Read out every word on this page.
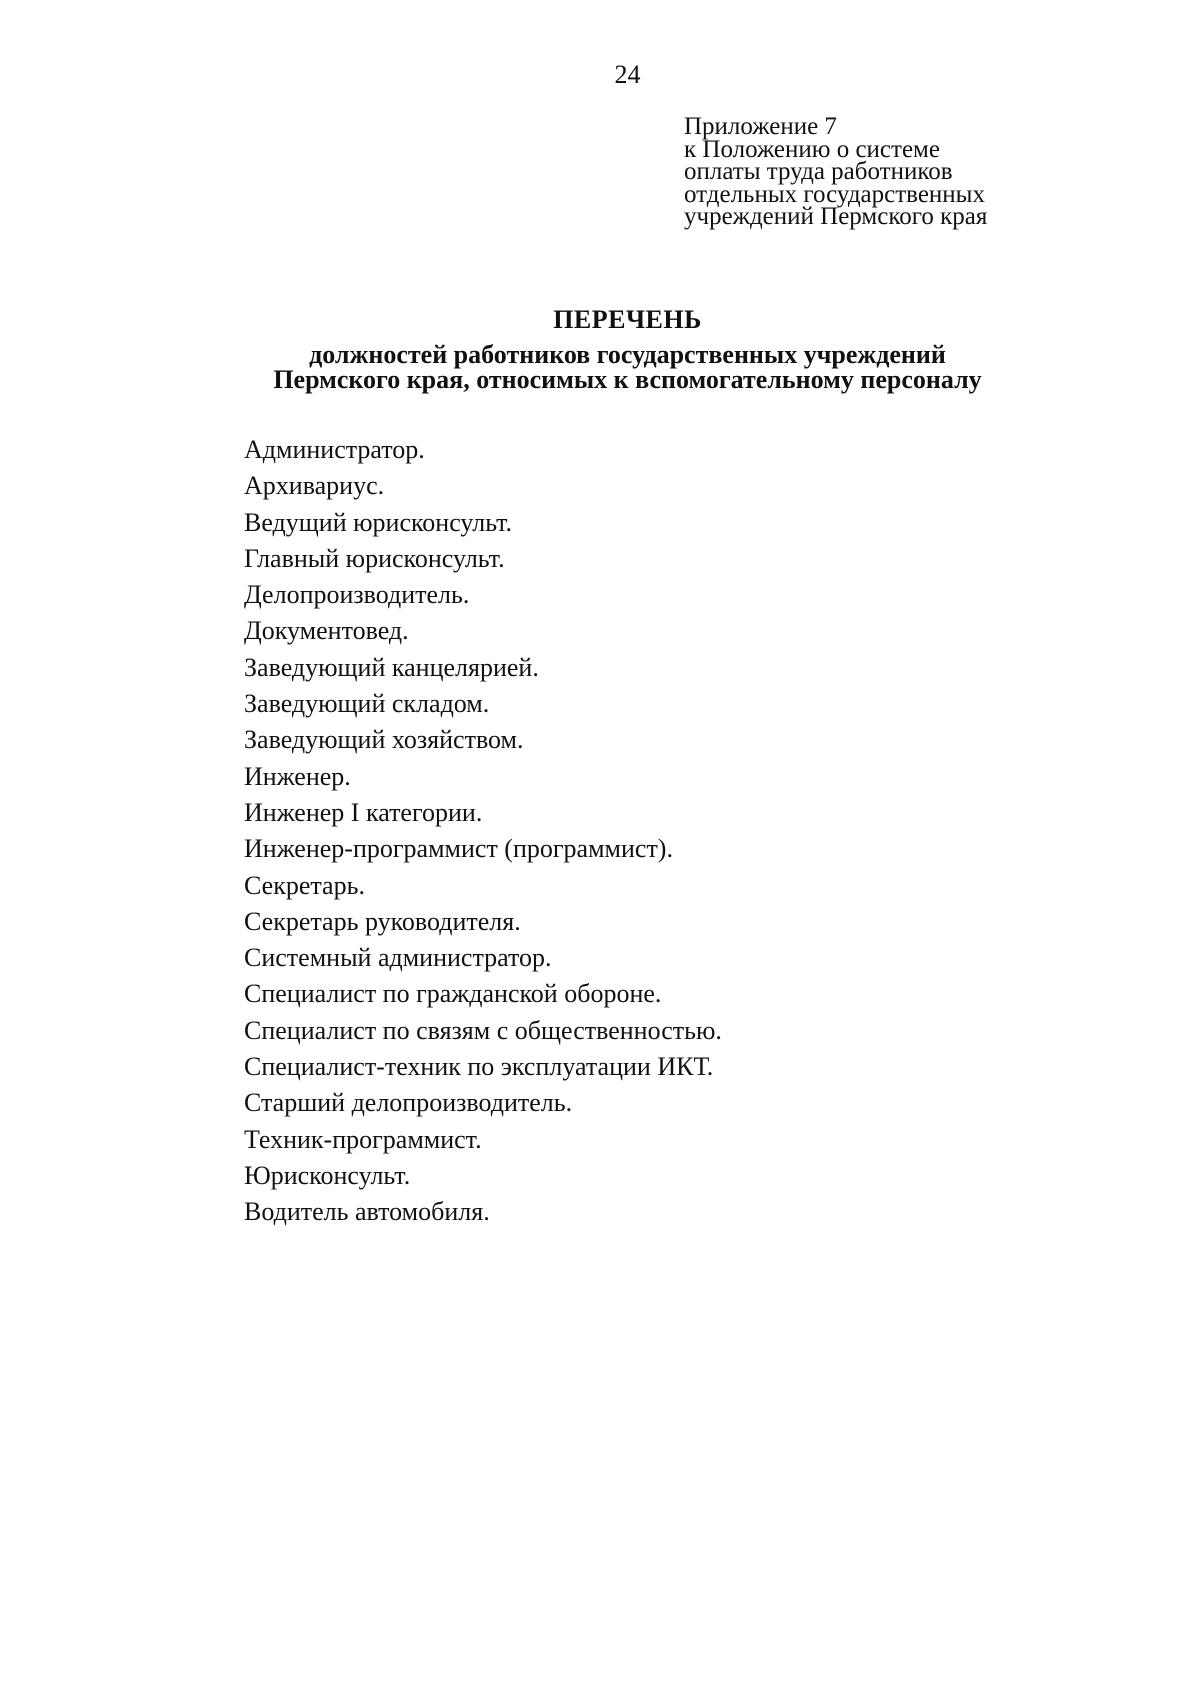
24
Приложение 7
к Положению о системе
оплаты труда работников
отдельных государственных
учреждений Пермского края
ПЕРЕЧЕНЬ
должностей работников государственных учреждений
Пермского края, относимых к вспомогательному персоналу
Администратор.
Архивариус.
Ведущий юрисконсульт.
Главный юрисконсульт.
Делопроизводитель.
Документовед.
Заведующий канцелярией.
Заведующий складом.
Заведующий хозяйством.
Инженер.
Инженер I категории.
Инженер-программист (программист).
Секретарь.
Секретарь руководителя.
Системный администратор.
Специалист по гражданской обороне.
Специалист по связям с общественностью.
Специалист-техник по эксплуатации ИКТ.
Старший делопроизводитель.
Техник-программист.
Юрисконсульт.
Водитель автомобиля.
